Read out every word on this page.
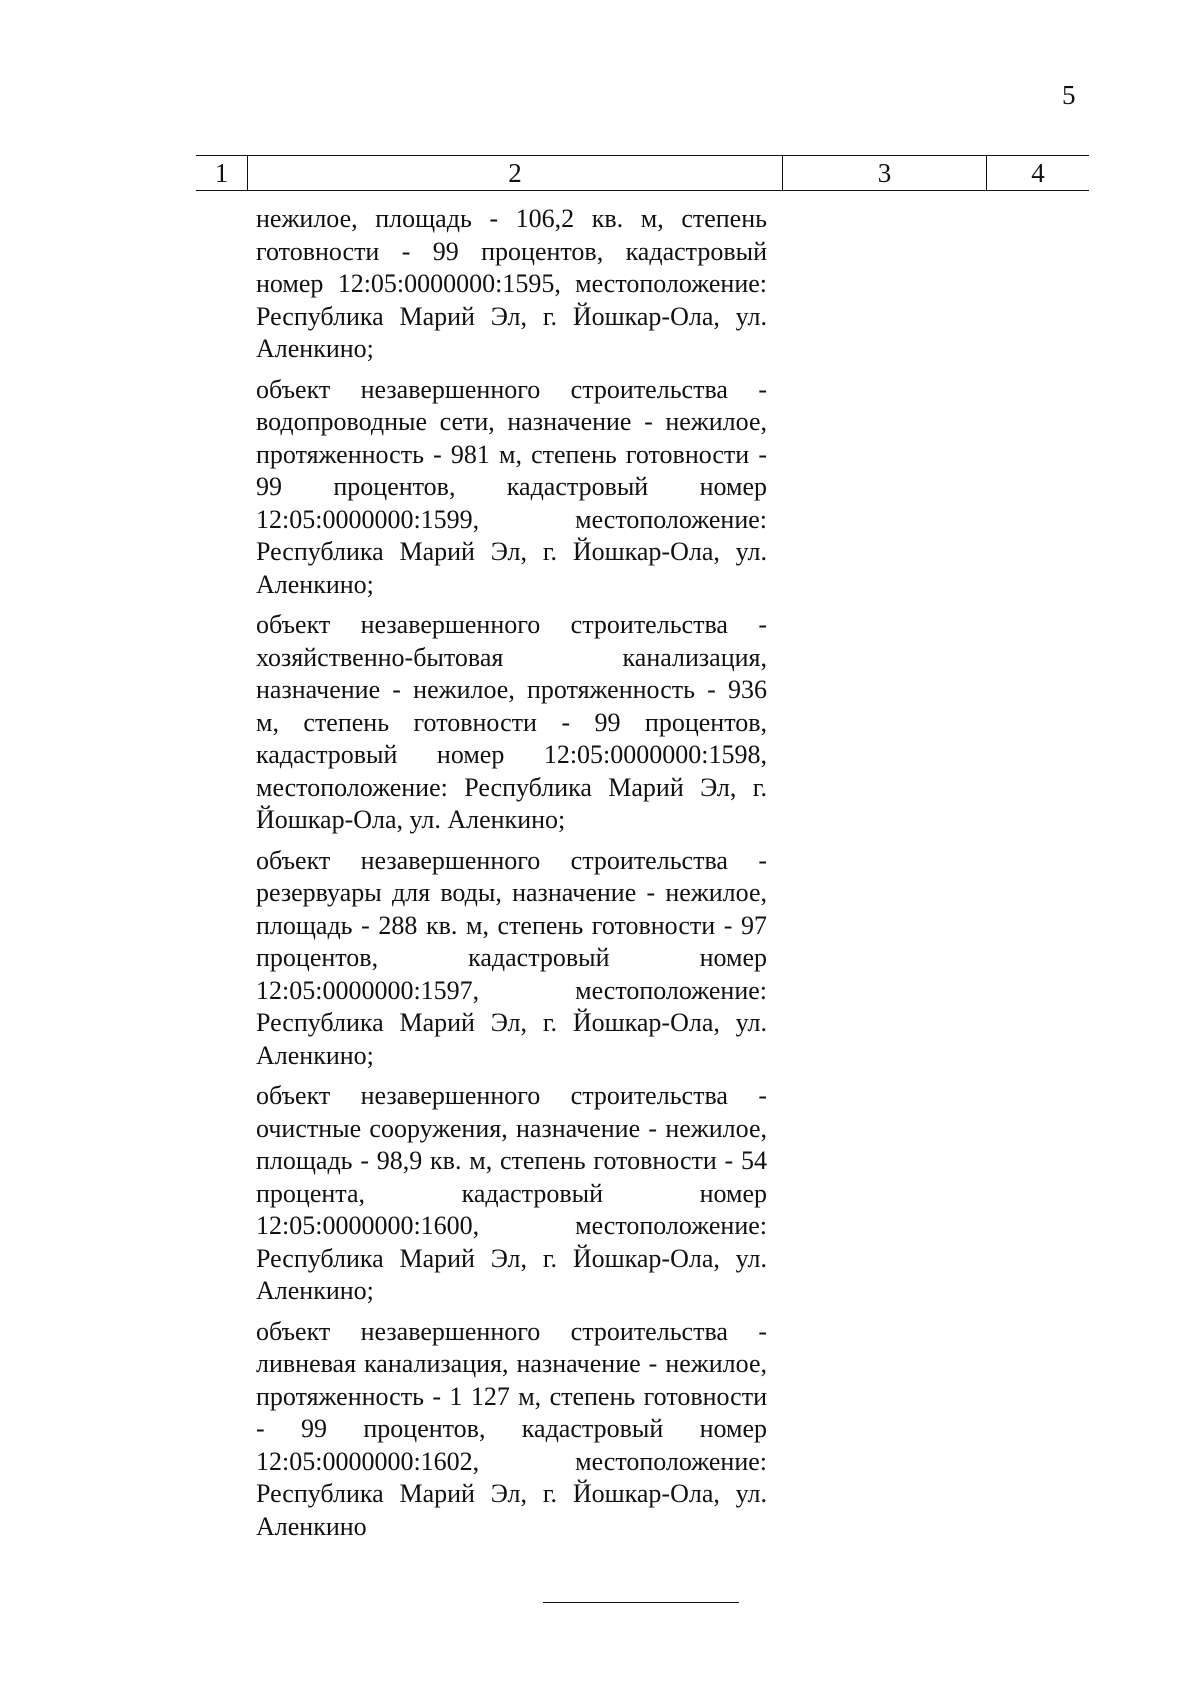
5
1	2	3	4

нежилое, площадь - 106,2 кв. м, степень готовности - 99 процентов, кадастровый номер 12:05:0000000:1595, местоположение: Республика Марий Эл, г. Йошкар-Ола, ул. Аленкино;

объект незавершенного строительства - водопроводные сети, назначение - нежилое, протяженность - 981 м, степень готовности - 99 процентов, кадастровый номер 12:05:0000000:1599, местоположение: Республика Марий Эл, г. Йошкар-Ола, ул. Аленкино;

объект незавершенного строительства - хозяйственно-бытовая канализация, назначение - нежилое, протяженность - 936 м, степень готовности - 99 процентов, кадастровый номер 12:05:0000000:1598, местоположение: Республика Марий Эл, г. Йошкар-Ола, ул. Аленкино;

объект незавершенного строительства - резервуары для воды, назначение - нежилое, площадь - 288 кв. м, степень готовности - 97 процентов, кадастровый номер 12:05:0000000:1597, местоположение: Республика Марий Эл, г. Йошкар-Ола, ул. Аленкино;

объект незавершенного строительства - очистные сооружения, назначение - нежилое, площадь - 98,9 кв. м, степень готовности - 54 процента, кадастровый номер 12:05:0000000:1600, местоположение: Республика Марий Эл, г. Йошкар-Ола, ул. Аленкино;

объект незавершенного строительства - ливневая канализация, назначение - нежилое, протяженность - 1 127 м, степень готовности - 99 процентов, кадастровый номер 12:05:0000000:1602, местоположение: Республика Марий Эл, г. Йошкар-Ола, ул. Аленкино
